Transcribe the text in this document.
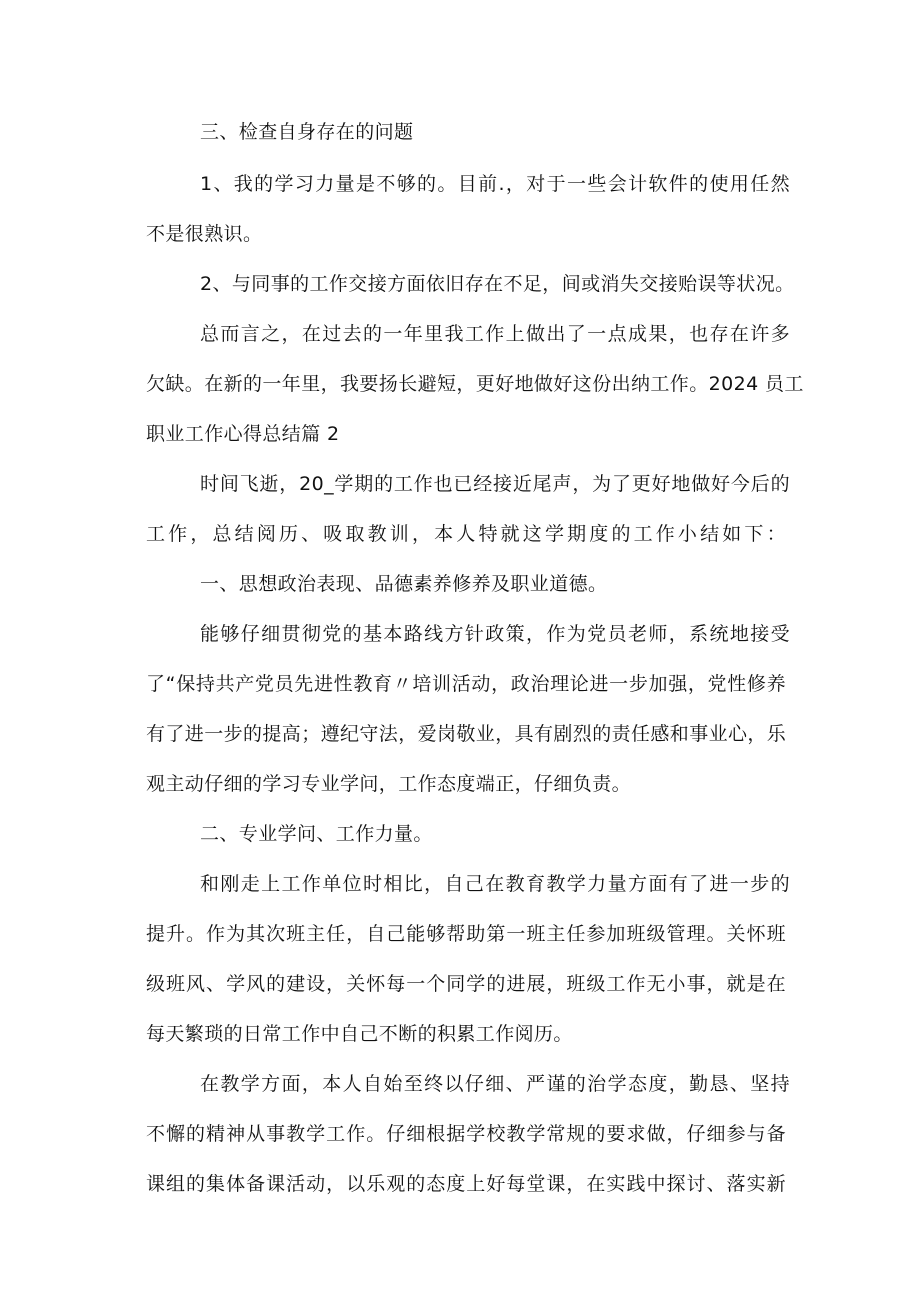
三、检查自身存在的问题
1、我的学习力量是不够的。目前.，对于一些会计软件的使用任然
不是很熟识。
2、与同事的工作交接方面依旧存在不足，间或消失交接贻误等状况。
总而言之，在过去的一年里我工作上做出了一点成果，也存在许多
欠缺。在新的一年里，我要扬长避短，更好地做好这份出纳工作。2024 员工
职业工作心得总结篇 2
时间飞逝，20_学期的工作也已经接近尾声，为了更好地做好今后的
工作，总结阅历、吸取教训，本人特就这学期度的工作小结如下：
一、思想政治表现、品德素养修养及职业道德。
能够仔细贯彻党的基本路线方针政策，作为党员老师，系统地接受
了“保持共产党员先进性教育〃培训活动，政治理论进一步加强，党性修养
有了进一步的提高；遵纪守法，爱岗敬业，具有剧烈的责任感和事业心，乐
观主动仔细的学习专业学问，工作态度端正，仔细负责。
二、专业学问、工作力量。
和刚走上工作单位时相比，自己在教育教学力量方面有了进一步的
提升。作为其次班主任，自己能够帮助第一班主任参加班级管理。关怀班
级班风、学风的建设，关怀每一个同学的进展，班级工作无小事，就是在
每天繁琐的日常工作中自己不断的积累工作阅历。
在教学方面，本人自始至终以仔细、严谨的治学态度，勤恳、坚持
不懈的精神从事教学工作。仔细根据学校教学常规的要求做，仔细参与备
课组的集体备课活动，以乐观的态度上好每堂课，在实践中探讨、落实新
